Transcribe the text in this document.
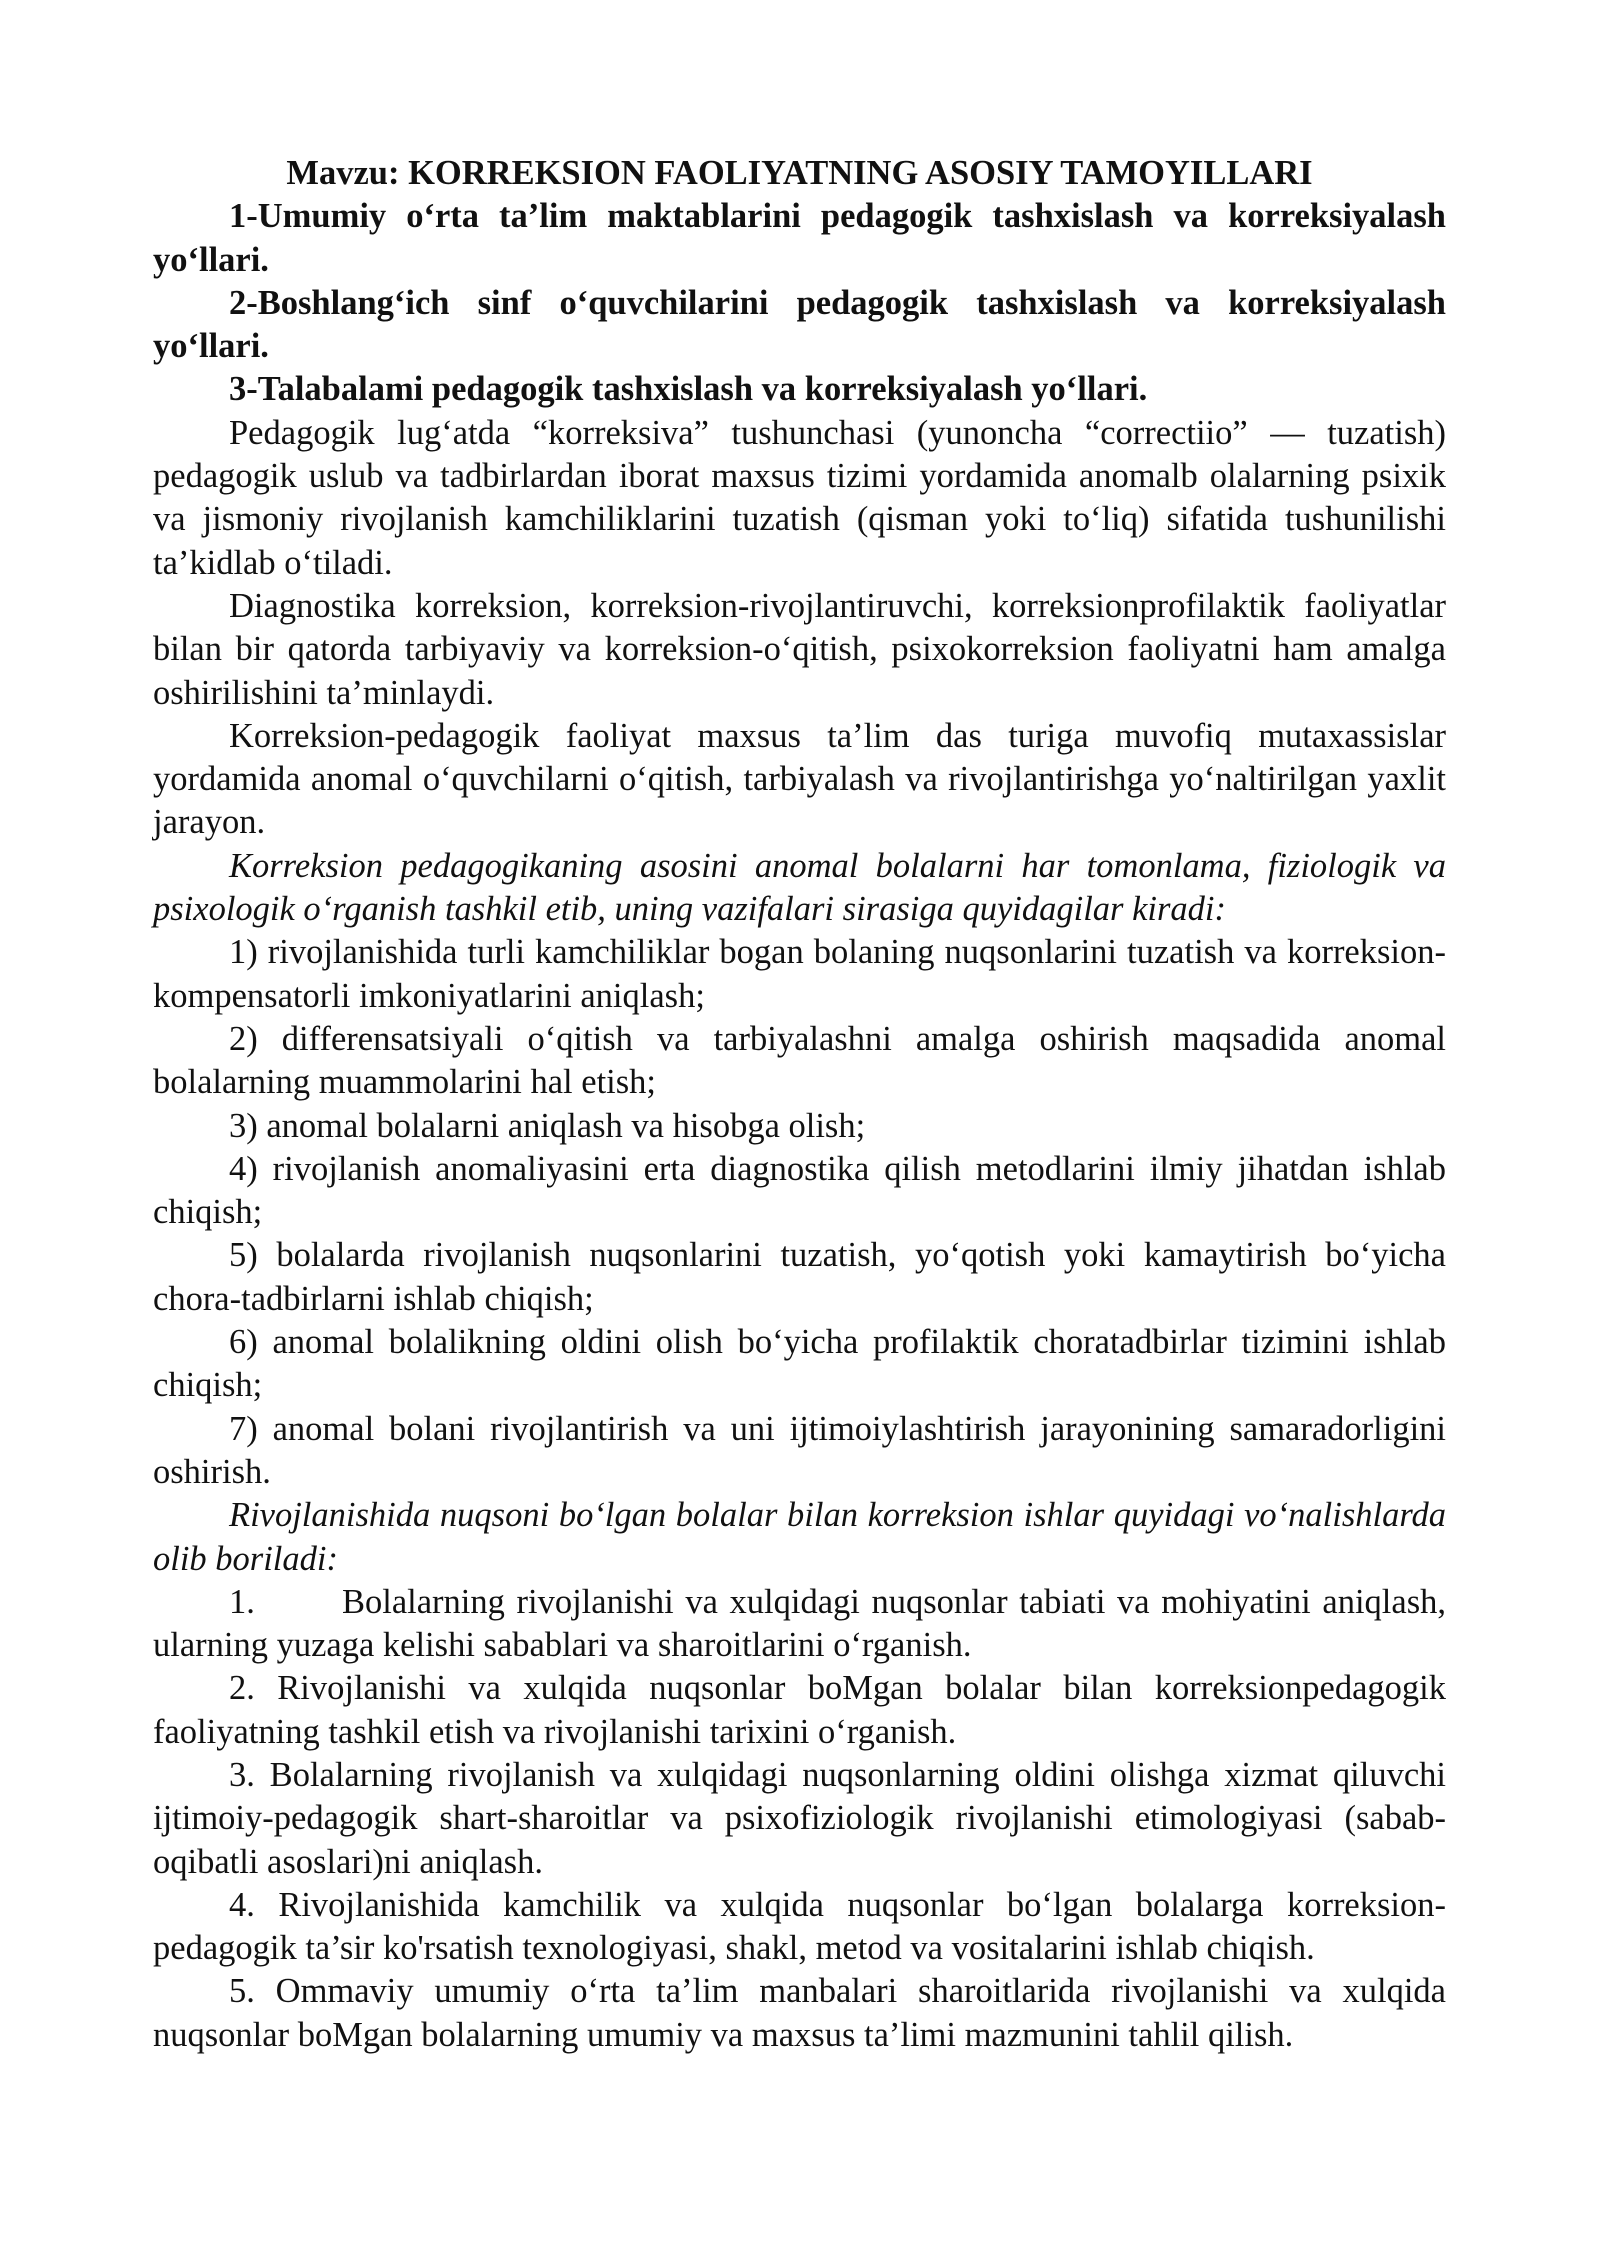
Mavzu: KORREKSION FAOLIYATNING ASOSIY TAMOYILLARI

1-Umumiy o‘rta ta’lim maktablarini pedagogik tashxislash va korreksiyalash yo‘llari.

2-Boshlang‘ich sinf o‘quvchilarini pedagogik tashxislash va korreksiyalash yo‘llari.

3-Talabalami pedagogik tashxislash va korreksiyalash yo‘llari.

Pedagogik lug‘atda “korreksiva” tushunchasi (yunoncha “correctiio” — tuzatish) pedagogik uslub va tadbirlardan iborat maxsus tizimi yordamida anomalb olalarning psixik va jismoniy rivojlanish kamchiliklarini tuzatish (qisman yoki to‘liq) sifatida tushunilishi ta’kidlab o‘tiladi.

Diagnostika korreksion, korreksion-rivojlantiruvchi, korreksionprofilaktik faoliyatlar bilan bir qatorda tarbiyaviy va korreksion-o‘qitish, psixokorreksion faoliyatni ham amalga oshirilishini ta’minlaydi.

Korreksion-pedagogik faoliyat maxsus ta’lim das turiga muvofiq mutaxassislar yordamida anomal o‘quvchilarni o‘qitish, tarbiyalash va rivojlantirishga yo‘naltirilgan yaxlit jarayon.

Korreksion pedagogikaning asosini anomal bolalarni har tomonlama, fiziologik va psixologik o‘rganish tashkil etib, uning vazifalari sirasiga quyidagilar kiradi:

1) rivojlanishida turli kamchiliklar bogan bolaning nuqsonlarini tuzatish va korreksion-kompensatorli imkoniyatlarini aniqlash;

2) differensatsiyali o‘qitish va tarbiyalashni amalga oshirish maqsadida anomal bolalarning muammolarini hal etish;

3) anomal bolalarni aniqlash va hisobga olish;

4) rivojlanish anomaliyasini erta diagnostika qilish metodlarini ilmiy jihatdan ishlab chiqish;

5) bolalarda rivojlanish nuqsonlarini tuzatish, yo‘qotish yoki kamaytirish bo‘yicha chora-tadbirlarni ishlab chiqish;

6) anomal bolalikning oldini olish bo‘yicha profilaktik choratadbirlar tizimini ishlab chiqish;

7) anomal bolani rivojlantirish va uni ijtimoiylashtirish jarayonining samaradorligini oshirish.

Rivojlanishida nuqsoni bo‘lgan bolalar bilan korreksion ishlar quyidagi vo‘nalishlarda olib boriladi:

1.	Bolalarning rivojlanishi va xulqidagi nuqsonlar tabiati va mohiyatini aniqlash, ularning yuzaga kelishi sabablari va sharoitlarini o‘rganish.

2. Rivojlanishi va xulqida nuqsonlar boMgan bolalar bilan korreksionpedagogik faoliyatning tashkil etish va rivojlanishi tarixini o‘rganish.

3. Bolalarning rivojlanish va xulqidagi nuqsonlarning oldini olishga xizmat qiluvchi ijtimoiy-pedagogik shart-sharoitlar va psixofiziologik rivojlanishi etimologiyasi (sabab-oqibatli asoslari)ni aniqlash.

4. Rivojlanishida kamchilik va xulqida nuqsonlar bo‘lgan bolalarga korreksion-pedagogik ta’sir ko'rsatish texnologiyasi, shakl, metod va vositalarini ishlab chiqish.

5. Ommaviy umumiy o‘rta ta’lim manbalari sharoitlarida rivojlanishi va xulqida nuqsonlar boMgan bolalarning umumiy va maxsus ta’limi mazmunini tahlil qilish.
